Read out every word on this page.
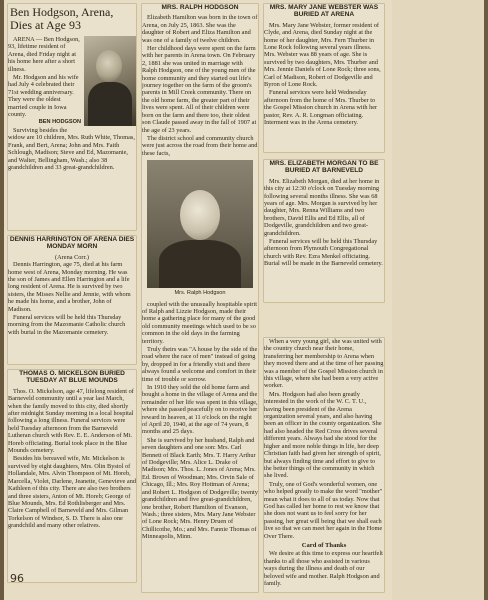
Ben Hodgson, Arena, Dies at Age 93

ARENA — Ben Hodgson, 93, lifetime resident of Arena, died Friday night at his home here after a short illness.

Mr. Hodgson and his wife had July 4 celebrated their 71st wedding anniversary. They were the oldest married couple in Iowa county.

BEN HODGSON

Surviving besides the widow are 10 children, Mrs. Ruth White, Thomas, Frank, and Bert, Arena; John and Mrs. Faith Schlough, Madison; Steve and Ed, Mazomanie, and Walter, Bellingham, Wash.; also 38 grandchildren and 33 great-grandchildren.

DENNIS HARRINGTON OF ARENA DIES MONDAY MORN
(Arena Corr.)

Dennis Harrington, age 75, died at his farm home west of Arena, Monday morning. He was the son of James and Ellen Harrington and a life long resident of Arena. He is survived by two sisters, the Misses Nellie and Jennie, with whom he made his home, and a brother, John of Madison.

Funeral services will be held this Thursday morning from the Mazomanie Catholic church with burial in the Mazomanie cemetery.

THOMAS O. MICKELSON BURIED TUESDAY AT BLUE MOUNDS

Thos. O. Mickelson, age 47, lifelong resident of Barneveld community until a year last March, when the family moved to this city, died shortly after midnight Sunday morning in a local hospital following a long illness. Funeral services were held Tuesday afternoon from the Barneveld Lutheran church with Rev. E. E. Anderson of Mt. Horeb officiating. Burial took place in the Blue Mounds cemetery.

Besides his bereaved wife, Mr. Mickelson is survived by eight daughters, Mrs. Olin Bystol of Hollandale, Mrs. Alvin Thompson of Mt. Horeb, Marcella, Violet, Darlene, Jeanette, Genevieve and Kathleen of this city. There are also two brothers and three sisters, Anton of Mt. Horeb; George of Blue Mounds, Mrs. Ed Rothlisberger and Mrs. Claire Campbell of Barneveld and Mrs. Gilman Torkelson of Windsor, S. D. There is also one grandchild and many other relatives.

MRS. RALPH HODGSON

Elizabeth Hamilton was born in the town of Arena, on July 25, 1863. She was the daughter of Robert and Eliza Hamilton and was one of a family of twelve children.

Her childhood days were spent on the farm with her parents in Arena town. On February 2, 1881 she was united in marriage with Ralph Hodgson, one of the young men of the home community and they started out life's journey together on the farm of the groom's parents in Mill Creek community. There on the old home farm, the greater part of their lives were spent. All of their children were born on the farm and there too, their oldest son Claude passed away in the fall of 1907 at the age of 23 years.

The district school and community church were just across the road from their home and these facts,

Mrs. Ralph Hodgson

coupled with the unusually hospitable spirit of Ralph and Lizzie Hodgson, made their home a gathering place for many of the good old community meetings which used to be so common in the old days in the farming territory.

Truly theirs was "A house by the side of the road where the race of men" instead of going by, dropped in for a friendly visit and there always found a welcome and comfort in their time of trouble or sorrow.

In 1910 they sold the old home farm and bought a home in the village of Arena and the remainder of her life was spent in this village, where she passed peacefully on to receive her reward in heaven, at 11 o'clock on the night of April 20, 1940, at the age of 74 years, 8 months and 25 days.

She is survived by her husband, Ralph and seven daughters and one son: Mrs. Carl Bennett of Black Earth; Mrs. T. Harry Arthur of Dodgeville; Mrs. Alice L. Drake of Madison; Mrs. Thos. L. Jones of Arena; Mrs. Ed. Brown of Woodman; Mrs. Orvin Sale of Chicago, Ill.; Mrs. Roy Hottman of Arena; and Robert L. Hodgson of Dodgeville; twenty grandchildren and five great-grandchildren, one brother, Robert Hamilton of Evanson, Wash.; three sisters, Mrs. Mary Jane Webster of Lone Rock; Mrs. Henry Druen of Chillicothe, Mo.; and Mrs. Fannie Thomas of Minneapolis, Minn.

MRS. MARY JANE WEBSTER WAS BURIED AT ARENA

Mrs. Mary Jane Webster, former resident of Clyde, and Arena, died Sunday night at the home of her daughter, Mrs. Fern Thurber in Lone Rock following several years illness. Mrs. Webster was 88 years of age. She is survived by two daughters, Mrs. Thurber and Mrs. Jennie Daniels of Lone Rock; three sons, Carl of Madison, Robert of Dodgeville and Byron of Lone Rock.

Funeral services were held Wednesday afternoon from the home of Mrs. Thurber to the Gospel Mission church in Arena with her pastor, Rev. A. R. Longman officiating. Interment was in the Arena cemetery.

MRS. ELIZABETH MORGAN TO BE BURIED AT BARNEVELD

Mrs. Elizabeth Morgan, died at her home in this city at 12:30 o'clock on Tuesday morning following several months illness. She was 68 years of age. Mrs. Morgan is survived by her daughter, Mrs. Renna Williams and two brothers, David Ellis and Ed Ellis, all of Dodgeville, grandchildren and two great-grandchildren.

Funeral services will be held this Thursday afternoon from Plymouth Congregational church with Rev. Ezra Menkel officiating. Burial will be made in the Barneveld cemetery.

When a very young girl, she was united with the country church near their home, transferring her membership to Arena when they moved there and at the time of her passing was a member of the Gospel Mission church in this village, where she had been a very active worker.

Mrs. Hodgson had also been greatly interested in the work of the W. C. T. U., having been president of the Arena organization several years, and also having been an officer in the county organization. She had also headed the Red Cross drives several different years. Always had she stood for the higher and more noble things in life, her deep Christian faith had given her strength of spirit, but always finding time and effort to give to the better things of the community in which she lived.

Truly, one of God's wonderful women, one who helped greatly to make the word "mother" mean what it does to all of us today. Now that God has called her home to rest we know that she does not want us to feel sorry for her passing, her great will being that we shall each live so that we can meet her again in the Home Over There.

Card of Thanks

We desire at this time to express our heartfelt thanks to all those who assisted in various ways during the illness and death of our beloved wife and mother. Ralph Hodgson and family.

96
